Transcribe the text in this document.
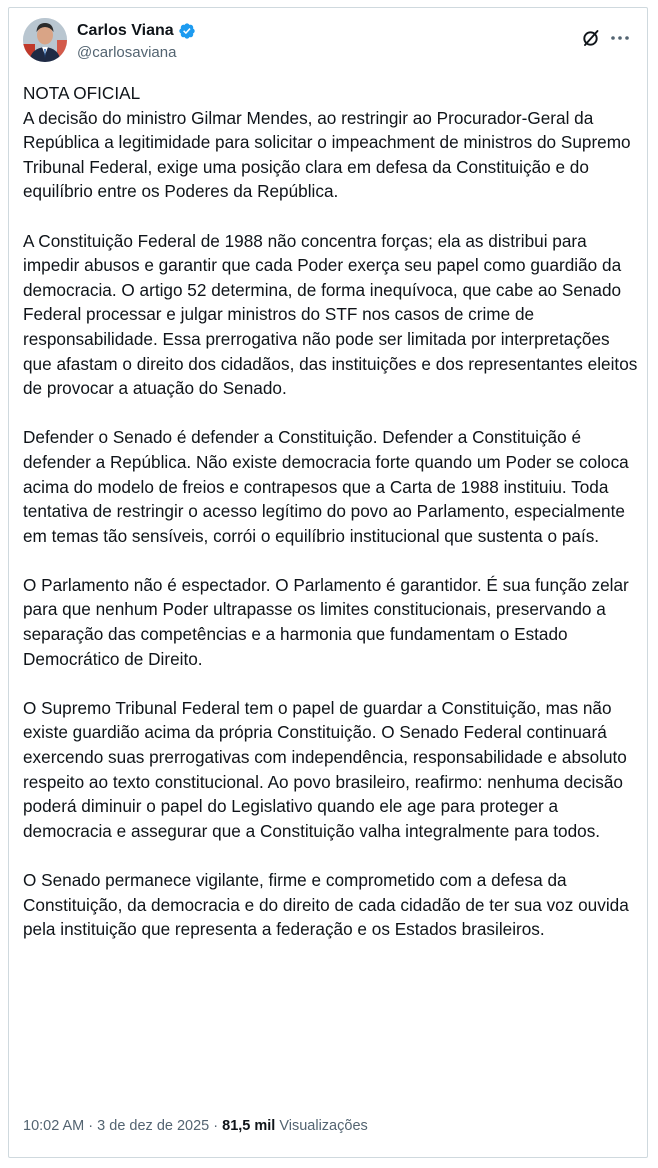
Carlos Viana
@carlosaviana
NOTA OFICIAL
A decisão do ministro Gilmar Mendes, ao restringir ao Procurador-Geral da República a legitimidade para solicitar o impeachment de ministros do Supremo Tribunal Federal, exige uma posição clara em defesa da Constituição e do equilíbrio entre os Poderes da República.

A Constituição Federal de 1988 não concentra forças; ela as distribui para impedir abusos e garantir que cada Poder exerça seu papel como guardião da democracia. O artigo 52 determina, de forma inequívoca, que cabe ao Senado Federal processar e julgar ministros do STF nos casos de crime de responsabilidade. Essa prerrogativa não pode ser limitada por interpretações que afastam o direito dos cidadãos, das instituições e dos representantes eleitos de provocar a atuação do Senado.

Defender o Senado é defender a Constituição. Defender a Constituição é defender a República. Não existe democracia forte quando um Poder se coloca acima do modelo de freios e contrapesos que a Carta de 1988 instituiu. Toda tentativa de restringir o acesso legítimo do povo ao Parlamento, especialmente em temas tão sensíveis, corrói o equilíbrio institucional que sustenta o país.

O Parlamento não é espectador. O Parlamento é garantidor. É sua função zelar para que nenhum Poder ultrapasse os limites constitucionais, preservando a separação das competências e a harmonia que fundamentam o Estado Democrático de Direito.

O Supremo Tribunal Federal tem o papel de guardar a Constituição, mas não existe guardião acima da própria Constituição. O Senado Federal continuará exercendo suas prerrogativas com independência, responsabilidade e absoluto respeito ao texto constitucional. Ao povo brasileiro, reafirmo: nenhuma decisão poderá diminuir o papel do Legislativo quando ele age para proteger a democracia e assegurar que a Constituição valha integralmente para todos.

O Senado permanece vigilante, firme e comprometido com a defesa da Constituição, da democracia e do direito de cada cidadão de ter sua voz ouvida pela instituição que representa a federação e os Estados brasileiros.
10:02 AM · 3 de dez de 2025 · 81,5 mil Visualizações
